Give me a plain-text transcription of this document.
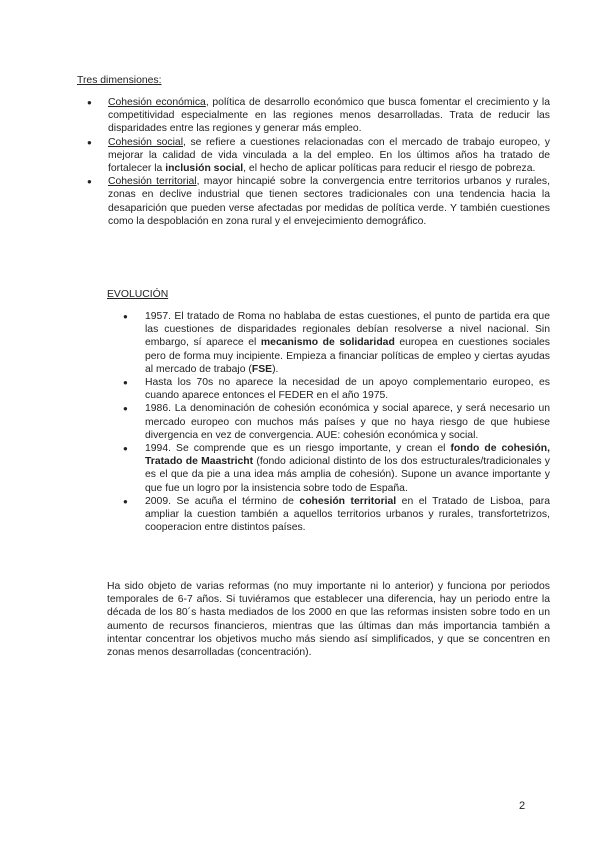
Tres dimensiones:
● Cohesión económica, política de desarrollo económico que busca fomentar el crecimiento y la competitividad especialmente en las regiones menos desarrolladas. Trata de reducir las disparidades entre las regiones y generar más empleo.
● Cohesión social, se refiere a cuestiones relacionadas con el mercado de trabajo europeo, y mejorar la calidad de vida vinculada a la del empleo. En los últimos años ha tratado de fortalecer la inclusión social, el hecho de aplicar políticas para reducir el riesgo de pobreza.
● Cohesión territorial, mayor hincapié sobre la convergencia entre territorios urbanos y rurales, zonas en declive industrial que tienen sectores tradicionales con una tendencia hacia la desaparición que pueden verse afectadas por medidas de política verde. Y también cuestiones como la despoblación en zona rural y el envejecimiento demográfico.
EVOLUCIÓN
● 1957. El tratado de Roma no hablaba de estas cuestiones, el punto de partida era que las cuestiones de disparidades regionales debían resolverse a nivel nacional. Sin embargo, sí aparece el mecanismo de solidaridad europea en cuestiones sociales pero de forma muy incipiente. Empieza a financiar políticas de empleo y ciertas ayudas al mercado de trabajo (FSE).
● Hasta los 70s no aparece la necesidad de un apoyo complementario europeo, es cuando aparece entonces el FEDER en el año 1975.
● 1986. La denominación de cohesión económica y social aparece, y será necesario un mercado europeo con muchos más países y que no haya riesgo de que hubiese divergencia en vez de convergencia. AUE: cohesión económica y social.
● 1994. Se comprende que es un riesgo importante, y crean el fondo de cohesión, Tratado de Maastricht (fondo adicional distinto de los dos estructurales/tradicionales y es el que da pie a una idea más amplia de cohesión). Supone un avance importante y que fue un logro por la insistencia sobre todo de España.
● 2009. Se acuña el término de cohesión territorial en el Tratado de Lisboa, para ampliar la cuestion también a aquellos territorios urbanos y rurales, transfortetrizos, cooperacion entre distintos países.

Ha sido objeto de varias reformas (no muy importante ni lo anterior) y funciona por periodos temporales de 6-7 años. Si tuviéramos que establecer una diferencia, hay un periodo entre la década de los 80´s hasta mediados de los 2000 en que las reformas insisten sobre todo en un aumento de recursos financieros, mientras que las últimas dan más importancia también a intentar concentrar los objetivos mucho más siendo así simplificados, y que se concentren en zonas menos desarrolladas (concentración).

2
